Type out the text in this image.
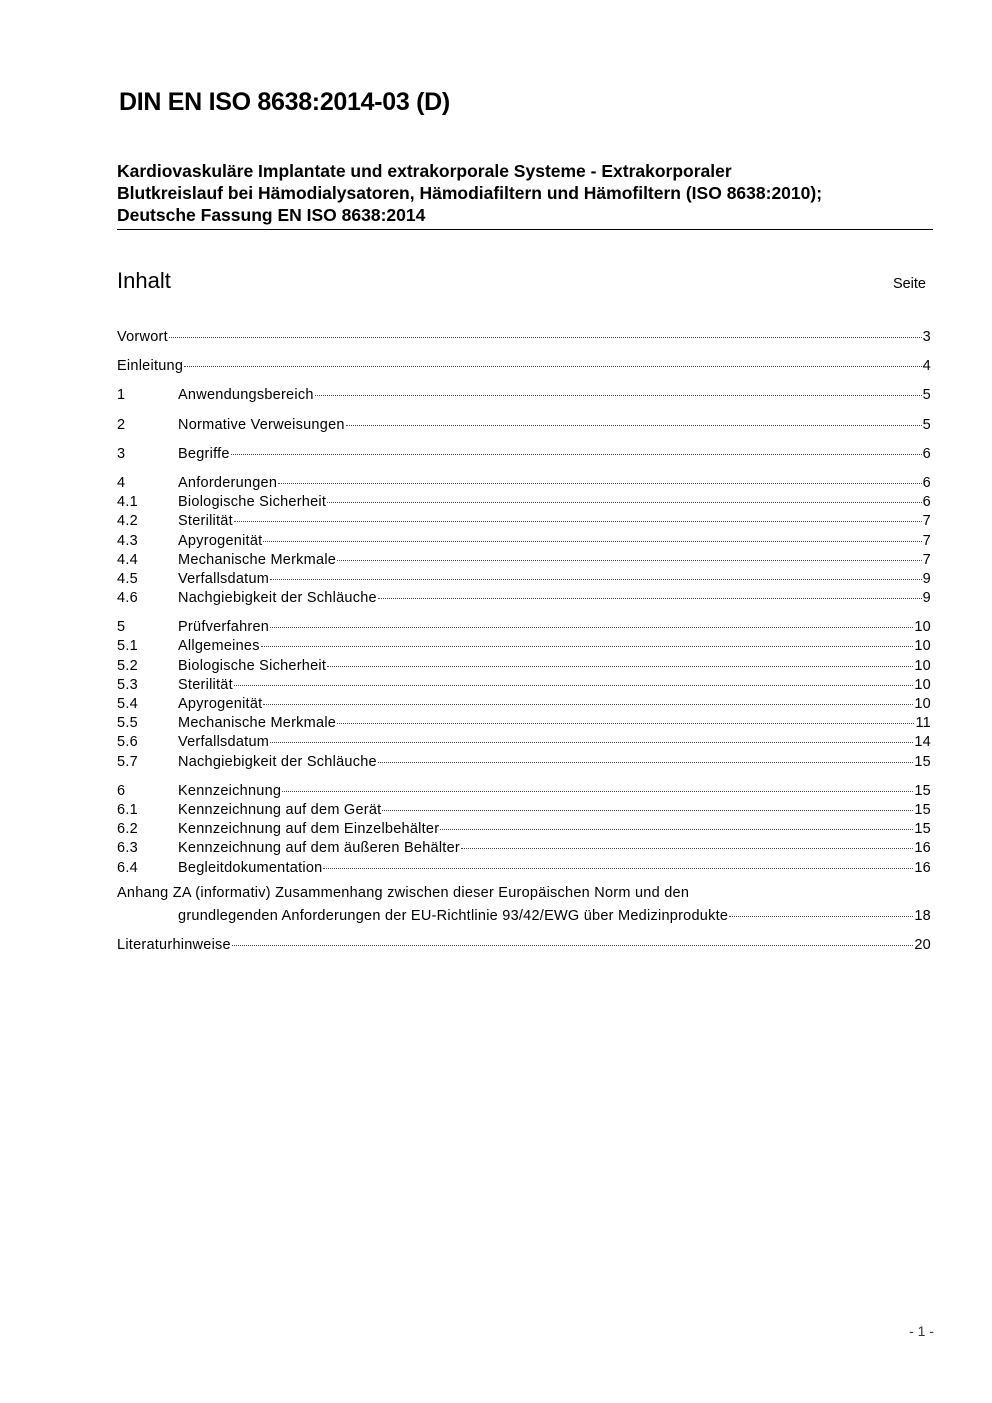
DIN EN ISO 8638:2014-03 (D)
Kardiovaskuläre Implantate und extrakorporale Systeme - Extrakorporaler
Blutkreislauf bei Hämodialysatoren, Hämodiafiltern und Hämofiltern (ISO 8638:2010);
Deutsche Fassung EN ISO 8638:2014
Inhalt	Seite
Vorwort	3
Einleitung	4
1	Anwendungsbereich	5
2	Normative Verweisungen	5
3	Begriffe	6
4	Anforderungen	6
4.1	Biologische Sicherheit	6
4.2	Sterilität	7
4.3	Apyrogenität	7
4.4	Mechanische Merkmale	7
4.5	Verfallsdatum	9
4.6	Nachgiebigkeit der Schläuche	9
5	Prüfverfahren	10
5.1	Allgemeines	10
5.2	Biologische Sicherheit	10
5.3	Sterilität	10
5.4	Apyrogenität	10
5.5	Mechanische Merkmale	11
5.6	Verfallsdatum	14
5.7	Nachgiebigkeit der Schläuche	15
6	Kennzeichnung	15
6.1	Kennzeichnung auf dem Gerät	15
6.2	Kennzeichnung auf dem Einzelbehälter	15
6.3	Kennzeichnung auf dem äußeren Behälter	16
6.4	Begleitdokumentation	16
Anhang ZA (informativ) Zusammenhang zwischen dieser Europäischen Norm und den
grundlegenden Anforderungen der EU-Richtlinie 93/42/EWG über Medizinprodukte	18
Literaturhinweise	20
- 1 -
